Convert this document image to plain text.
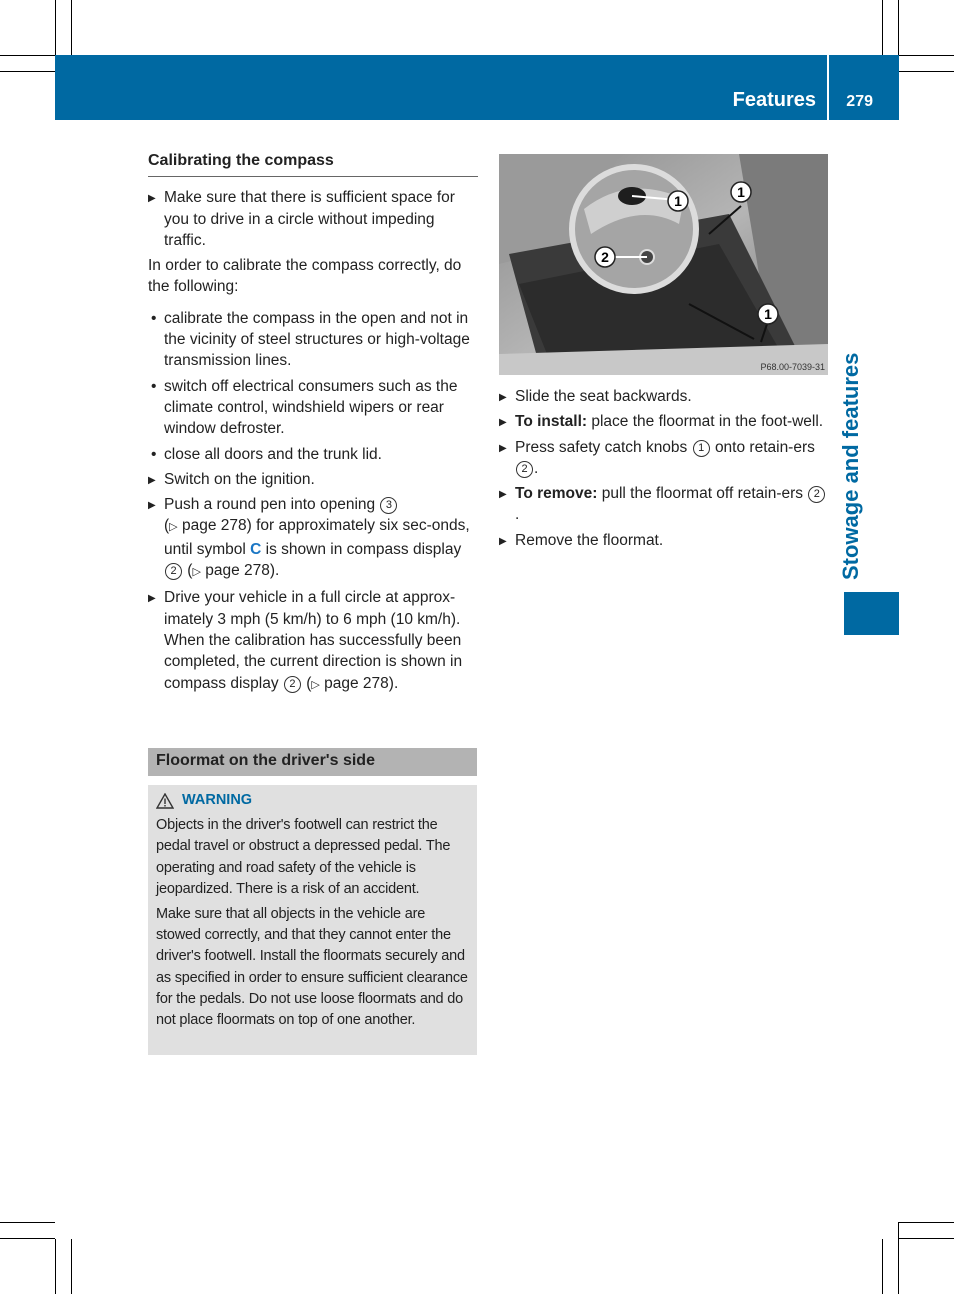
Features 279
Stowage and features
Calibrating the compass

▶ Make sure that there is sufficient space for you to drive in a circle without impeding traffic.

In order to calibrate the compass correctly, do the following:

• calibrate the compass in the open and not in the vicinity of steel structures or high-voltage transmission lines.

• switch off electrical consumers such as the climate control, windshield wipers or rear window defroster.

• close all doors and the trunk lid.

▶ Switch on the ignition.

▶ Push a round pen into opening 3
(▷ page 278) for approximately six sec-onds, until symbol C is shown in compass display 2 (▷ page 278).

▶ Drive your vehicle in a full circle at approx-imately 3 mph (5 km/h) to 6 mph (10 km/h).
When the calibration has successfully been completed, the current direction is shown in compass display 2 (▷ page 278).

Floormat on the driver's side
WARNING

Objects in the driver's footwell can restrict the pedal travel or obstruct a depressed pedal. The operating and road safety of the vehicle is jeopardized. There is a risk of an accident.

Make sure that all objects in the vehicle are stowed correctly, and that they cannot enter the driver's footwell. Install the floormats securely and as specified in order to ensure sufficient clearance for the pedals. Do not use loose floormats and do not place floormats on top of one another.

1
1
2
1
P68.00-7039-31

▶ Slide the seat backwards.

▶ To install: place the floormat in the foot-well.

▶ Press safety catch knobs 1 onto retain-ers 2 .

▶ To remove: pull the floormat off retain-ers 2.

▶ Remove the floormat.
